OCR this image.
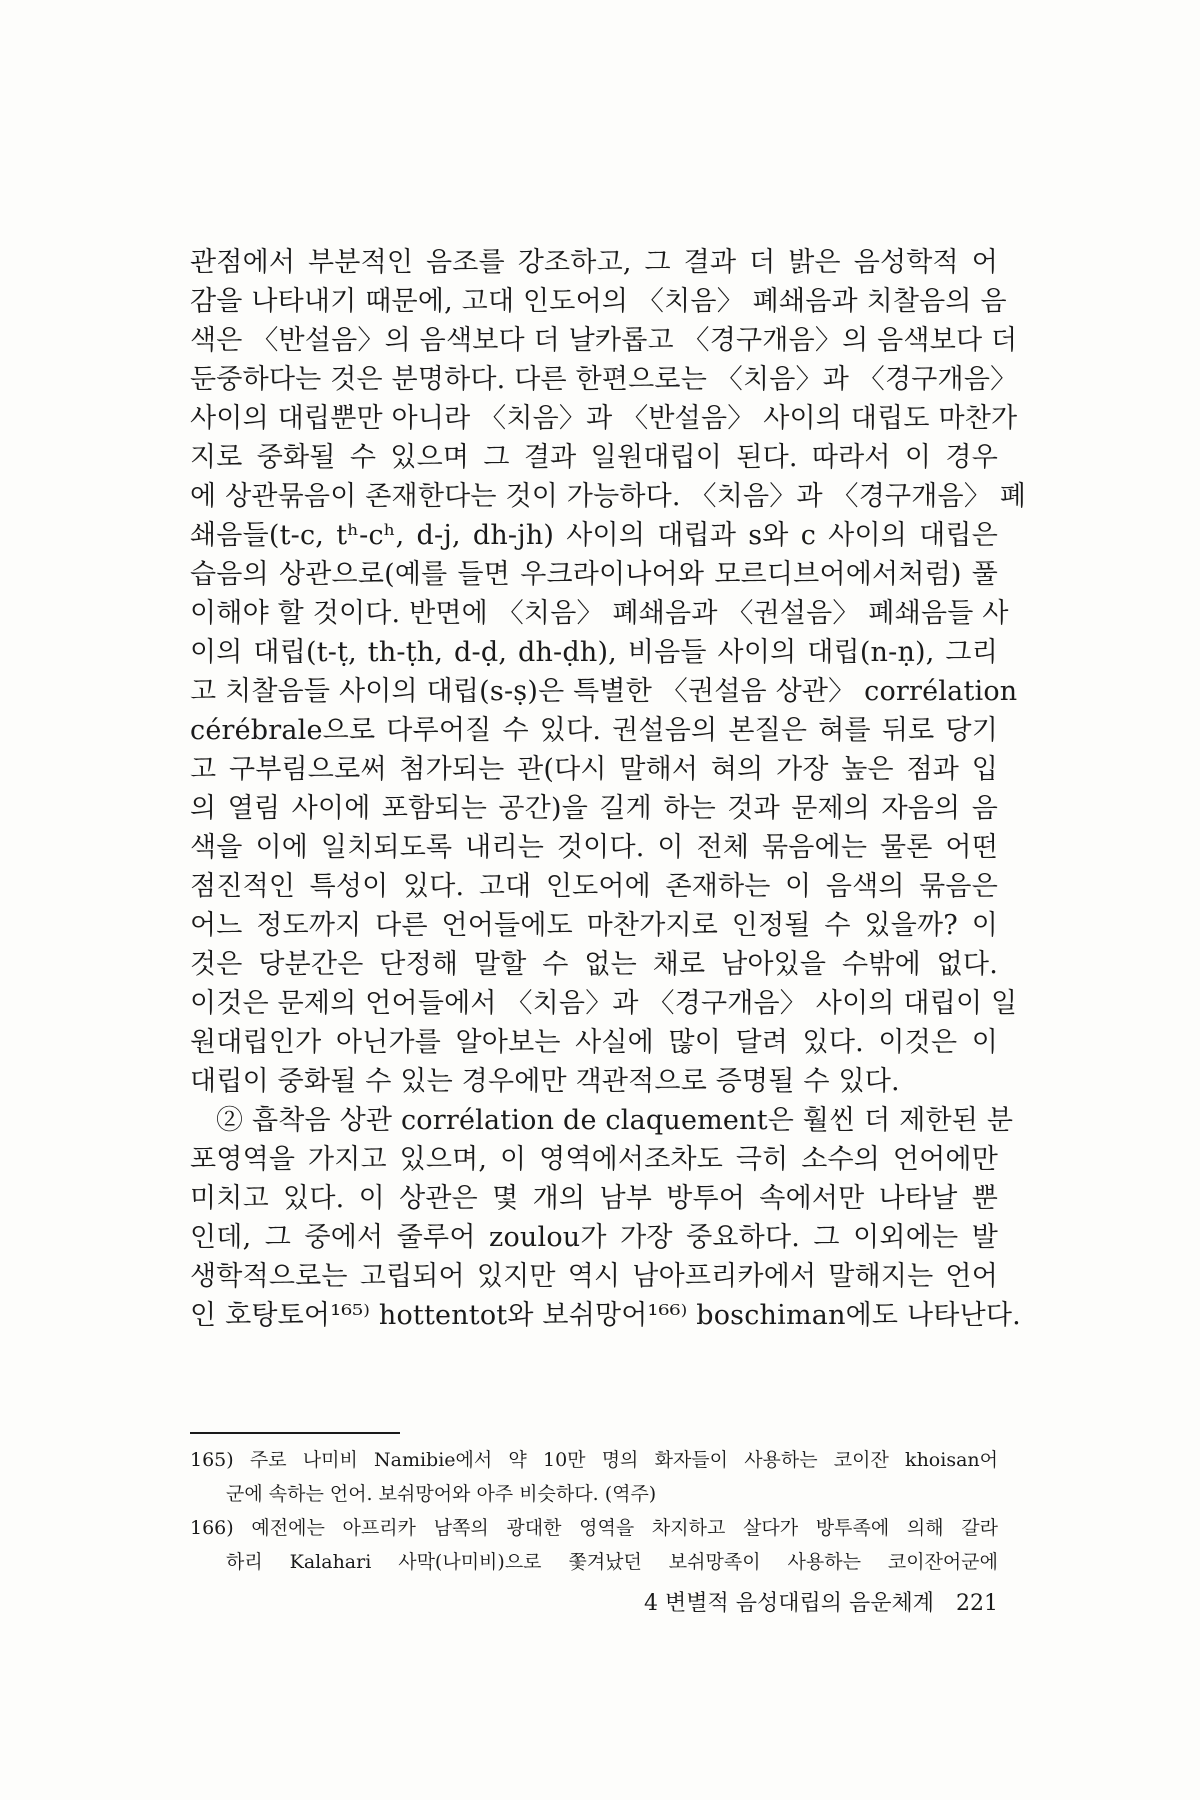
관점에서 부분적인 음조를 강조하고, 그 결과 더 밝은 음성학적 어
감을 나타내기 때문에, 고대 인도어의 〈치음〉 폐쇄음과 치찰음의 음
색은 〈반설음〉의 음색보다 더 날카롭고 〈경구개음〉의 음색보다 더
둔중하다는 것은 분명하다. 다른 한편으로는 〈치음〉과 〈경구개음〉
사이의 대립뿐만 아니라 〈치음〉과 〈반설음〉 사이의 대립도 마찬가
지로 중화될 수 있으며 그 결과 일원대립이 된다. 따라서 이 경우
에 상관묶음이 존재한다는 것이 가능하다. 〈치음〉과 〈경구개음〉 폐
쇄음들(t-c, tʰ-cʰ, d-j, dh-jh) 사이의 대립과 s와 c 사이의 대립은
습음의 상관으로(예를 들면 우크라이나어와 모르디브어에서처럼) 풀
이해야 할 것이다. 반면에 〈치음〉 폐쇄음과 〈권설음〉 폐쇄음들 사
이의 대립(t-ṭ, th-ṭh, d-ḍ, dh-ḍh), 비음들 사이의 대립(n-ṇ), 그리
고 치찰음들 사이의 대립(s-ṣ)은 특별한 〈권설음 상관〉 corrélation
cérébrale으로 다루어질 수 있다. 권설음의 본질은 혀를 뒤로 당기
고 구부림으로써 첨가되는 관(다시 말해서 혀의 가장 높은 점과 입
의 열림 사이에 포함되는 공간)을 길게 하는 것과 문제의 자음의 음
색을 이에 일치되도록 내리는 것이다. 이 전체 묶음에는 물론 어떤
점진적인 특성이 있다. 고대 인도어에 존재하는 이 음색의 묶음은
어느 정도까지 다른 언어들에도 마찬가지로 인정될 수 있을까? 이
것은 당분간은 단정해 말할 수 없는 채로 남아있을 수밖에 없다.
이것은 문제의 언어들에서 〈치음〉과 〈경구개음〉 사이의 대립이 일
원대립인가 아닌가를 알아보는 사실에 많이 달려 있다. 이것은 이
대립이 중화될 수 있는 경우에만 객관적으로 증명될 수 있다.
② 흡착음 상관 corrélation de claquement은 훨씬 더 제한된 분
포영역을 가지고 있으며, 이 영역에서조차도 극히 소수의 언어에만
미치고 있다. 이 상관은 몇 개의 남부 방투어 속에서만 나타날 뿐
인데, 그 중에서 줄루어 zoulou가 가장 중요하다. 그 이외에는 발
생학적으로는 고립되어 있지만 역시 남아프리카에서 말해지는 언어
인 호탕토어¹⁶⁵⁾ hottentot와 보쉬망어¹⁶⁶⁾ boschiman에도 나타난다.
165) 주로 나미비 Namibie에서 약 10만 명의 화자들이 사용하는 코이잔 khoisan어
군에 속하는 언어. 보쉬망어와 아주 비슷하다. (역주)
166) 예전에는 아프리카 남쪽의 광대한 영역을 차지하고 살다가 방투족에 의해 갈라
하리 Kalahari 사막(나미비)으로 쫓겨났던 보쉬망족이 사용하는 코이잔어군에
4 변별적 음성대립의 음운체계 221
